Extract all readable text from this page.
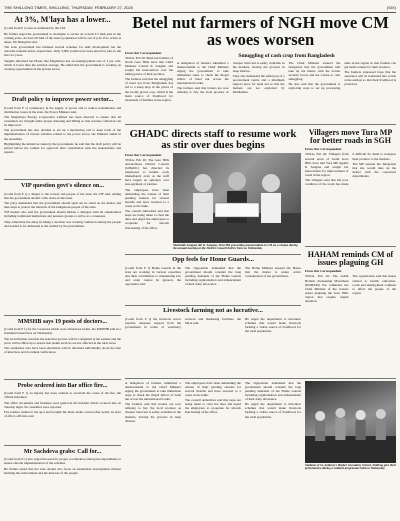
THE SHILLONG TIMES, SHILLONG, THURSDAY, FEBRUARY 27, 2020	(SIX)
At 3%, M'laya has a lower...

(Contd from P 1) area as estimated by the CM.

He further urged the government to strategize to secure an overall 3.5 lakh jobs in the coming years. At least 28 lakh of the state's population will be out of jobs if no action is taken, Mr Diengdoh said.

The state government has initiated several schemes for skill development but the outcome remains below expectation. Only 3,000 youths have been placed in jobs in the last two years.

Sangma informed the House that Meghalaya has an unemployment rate of 3 per cent, which is lower than the national average. He added that the government is working on creating opportunities in the private sector.

Draft policy to improve power sector...

(Contd from P 1) consistency in the supply of power and to reduce transmission and distribution losses in the state, the Power Minister said.

The Meghalaya Energy Corporation Limited has been directed to ensure that all consumers are brought under proper metering and billing so that revenue collection can be improved.

The government has also decided to set up a monitoring cell to keep track of the implementation of various schemes related to the power sector, the Minister added in the Assembly.

Highlighting the initiatives taken by the government, he said that the draft policy will be placed before the cabinet for approval after consultation with the stakeholders and experts.

VIP question govt's silence on...

(Contd from P 1) a danger to the society and people of the state, the VIP said, adding that the government should come clean on the issue.

The party demanded that the government should spell out its stand on the matter and take steps to protect the interests of the indigenous people of the state.

VIP leaders also said the government should initiate a dialogue with all stakeholders including traditional institutions and pressure groups to arrive at a consensus.

They added that the delay in taking a decision was creating confusion among the people and needed to be addressed at the earliest by the government.

MMSHB says 19 posts of doctors...

(Contd from P 1) for the vacancies which were advertised earlier, the MMSHB said in a statement issued here on Wednesday.

The board further said that the selection process will be completed at the earliest and the posts will be filled up to ensure that health services are not affected in the rural areas.

The candidates who have been shortlisted will be informed individually about the date of interview and document verification.

Probe ordered into Bar office fire...

(Contd from P 1) an inquiry has been ordered to ascertain the cause of the fire, the official informed.

The office documents and furniture were gutted in the incident which occurred late on Tuesday night. No casualties were reported.

Fire tenders rushed to the spot and brought the blaze under control after nearly an hour of effort, officials said.

Mr Sachdeva grabs: Call for...

(Contd from P 1) also urged the need for proper coordination among the departments to ensure smooth implementation of the schemes.

He further stated that the state should also focus on sustainable development without harming the environment and the interests of the people.

Betel nut farmers of NGH move CM as woes worsen

From Our Correspondent

TURA, Feb 26: Betel nut farmers of North Garo Hills have met Chief Minister Conrad K Sangma and sought his intervention over the falling prices of their produce.

The farmers said that the smuggling of betel nut from Bangladesh has led to a steep drop in the prices of the locally grown crop, which is the main source of livelihood for thousands of families in the region.

Smuggling of cash crop from Bangladesh

A delegation of farmers submitted a memorandum to the Chief Minister urging the government to take immediate steps to check the illegal inflow of betel nut across the international border.

The farmers said that traders are now refusing to buy the local produce as cheaper betel nut is easily available in the markets, leaving the growers in deep distress.

They also demanded the setting up of a procurement centre and a minimum support price for betel nut so that the farmers are not exploited by middlemen.

The Chief Minister assured the delegation that the government will take up the matter with the border security forces and the Centre to curb smuggling.

He also said that the government is exploring ways to set up processing units in the region so that farmers can get better returns for their produce.

The farmers expressed hope that the assurance will be translated into action at the earliest so that their livelihood is protected.

GHADC directs staff to resume work as stir over dues begins

From Our Correspondent

TURA, Feb 26: The Garo Hills Autonomous District Council (GHADC) has directed its employees to resume work immediately even as the staff have begun an agitation over non-payment of salaries.

The employees have been demanding the release of their pending salaries for several months and have resorted to a cease work strike.

The council authorities said that steps are being taken to clear the dues and urged the employees to cooperate for smooth functioning of the office.

Shahrukh Sangma (R) K. Sangma, Tura MP, presenting memorandum to CM on a cheque during the annual meeting at the District Council hall in Tura on Wednesday.

Opp feels for Home Guards...

(Contd from P 1) Home Guards in the state are working in various capacities and their contribution to maintaining law and order cannot be ignored, the opposition said.

The Opposition demanded that the government should consider the long pending demands of the Home Guards including regularisation and enhancement of their daily allowance.

The Home Minister assured the House that the matter is under active consideration of the government.

Livestock farming not as lucrative...

(Contd from P 1) the livestock sector requires adequate support from the government in terms of veterinary services and marketing facilities, the MLA said.

He urged the department to introduce schemes that would make livestock farming a viable source of livelihood for the rural population.

Villagers move Tura MP for better roads in SGH

From Our Correspondent

TURA, Feb 26: Villagers from several areas of South Garo Hills have met Tura MP Agatha K Sangma and sought her intervention for improvement of roads in the region.

The villagers said that the poor condition of the roads has made it difficult for them to transport their produce to the markets.

The MP assured the delegation that she would take up the matter with the concerned departments.

HAHAM reminds CM of issues plaguing GH

From Our Correspondent

TURA, Feb 26: The Achik Holistic Awakening Movement (HAHAM) has reminded the Chief Minister of the various issues plaguing the Garo Hills region that require urgent attention.

The organisation said that issues related to health, education, roads and employment continue to affect the people of the region.

A delegation of farmers submitted a memorandum to the Chief Minister urging the government to take immediate steps to check the illegal inflow of betel nut across the international border.

The farmers said that traders are now refusing to buy the local produce as cheaper betel nut is easily available in the markets, leaving the growers in deep distress.

The employees have been demanding the release of their pending salaries for several months and have resorted to a cease work strike.

The council authorities said that steps are being taken to clear the dues and urged the employees to cooperate for smooth functioning of the office.

The Opposition demanded that the government should consider the long pending demands of the Home Guards including regularisation and enhancement of their daily allowance.

He urged the department to introduce schemes that would make livestock farming a viable source of livelihood for the rural population.

Students of St. Anthony's Higher Secondary School, Shillong give their performance during a cultural programme held on Wednesday.
